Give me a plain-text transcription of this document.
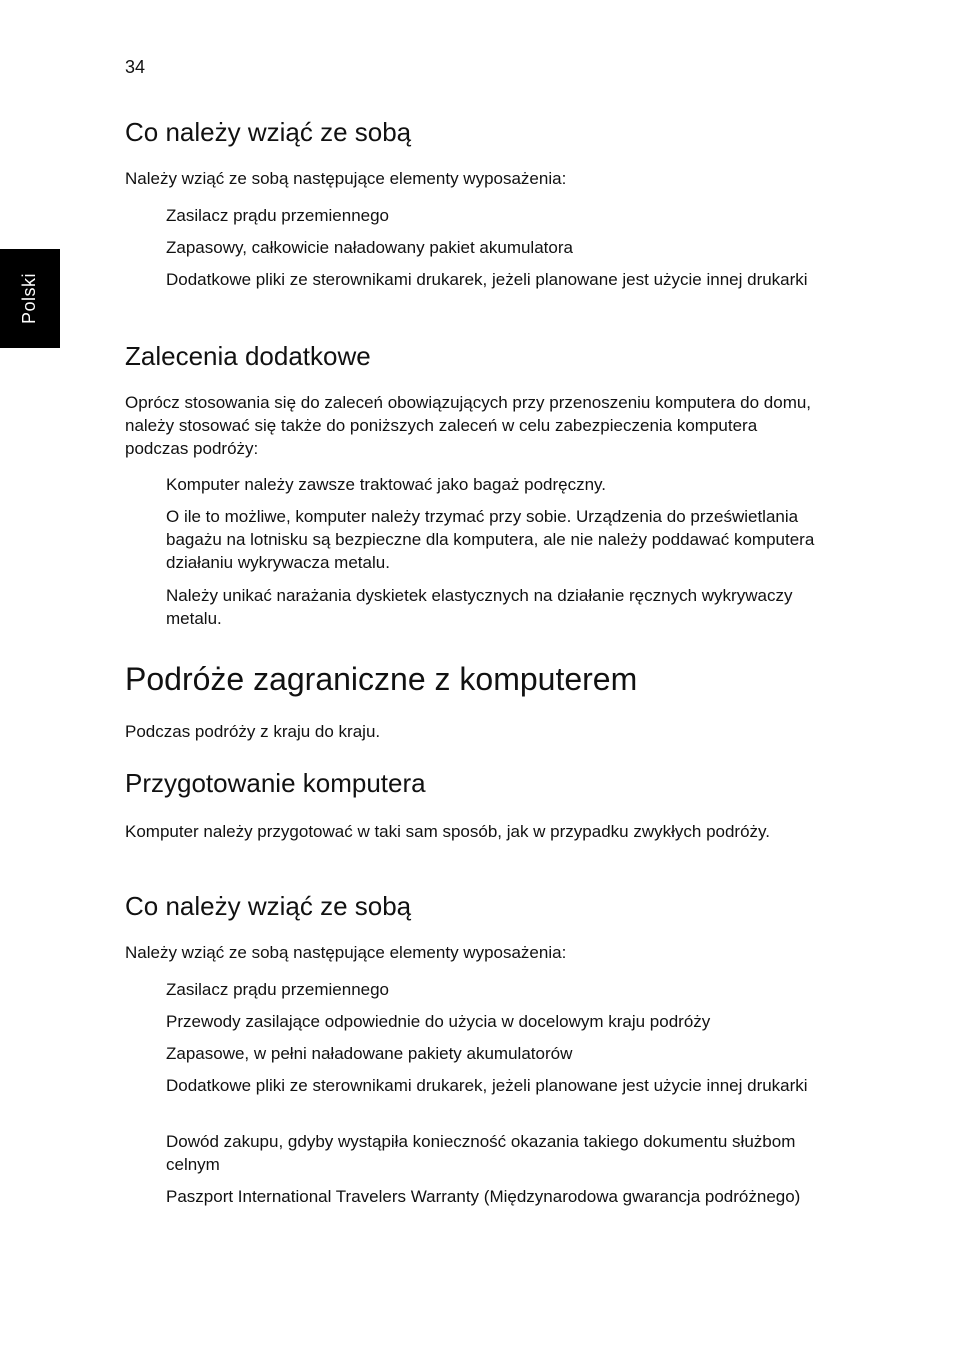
34
Polski
Co należy wziąć ze sobą

Należy wziąć ze sobą następujące elementy wyposażenia:

Zasilacz prądu przemiennego

Zapasowy, całkowicie naładowany pakiet akumulatora

Dodatkowe pliki ze sterownikami drukarek, jeżeli planowane jest użycie innej drukarki

Zalecenia dodatkowe

Oprócz stosowania się do zaleceń obowiązujących przy przenoszeniu komputera do domu, należy stosować się także do poniższych zaleceń w celu zabezpieczenia komputera podczas podróży:

Komputer należy zawsze traktować jako bagaż podręczny.

O ile to możliwe, komputer należy trzymać przy sobie. Urządzenia do prześwietlania bagażu na lotnisku są bezpieczne dla komputera, ale nie należy poddawać komputera działaniu wykrywacza metalu.

Należy unikać narażania dyskietek elastycznych na działanie ręcznych wykrywaczy metalu.

Podróże zagraniczne z komputerem

Podczas podróży z kraju do kraju.

Przygotowanie komputera

Komputer należy przygotować w taki sam sposób, jak w przypadku zwykłych podróży.

Co należy wziąć ze sobą

Należy wziąć ze sobą następujące elementy wyposażenia:

Zasilacz prądu przemiennego

Przewody zasilające odpowiednie do użycia w docelowym kraju podróży

Zapasowe, w pełni naładowane pakiety akumulatorów

Dodatkowe pliki ze sterownikami drukarek, jeżeli planowane jest użycie innej drukarki

Dowód zakupu, gdyby wystąpiła konieczność okazania takiego dokumentu służbom celnym

Paszport International Travelers Warranty (Międzynarodowa gwarancja podróżnego)
